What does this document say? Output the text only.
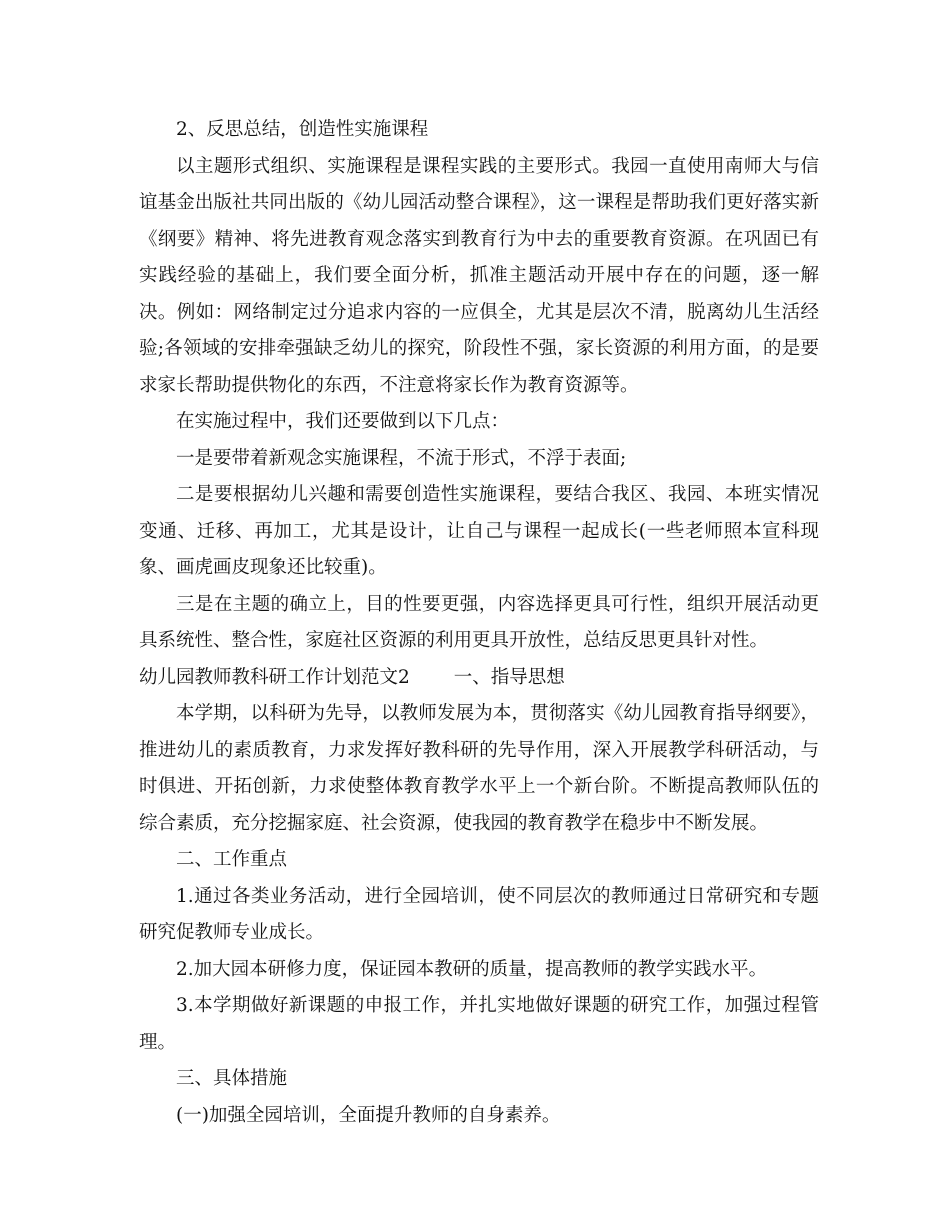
2、反思总结，创造性实施课程

以主题形式组织、实施课程是课程实践的主要形式。我园一直使用南师大与信谊基金出版社共同出版的《幼儿园活动整合课程》，这一课程是帮助我们更好落实新《纲要》精神、将先进教育观念落实到教育行为中去的重要教育资源。在巩固已有实践经验的基础上，我们要全面分析，抓准主题活动开展中存在的问题，逐一解决。例如：网络制定过分追求内容的一应俱全，尤其是层次不清，脱离幼儿生活经验;各领域的安排牵强缺乏幼儿的探究，阶段性不强，家长资源的利用方面，的是要求家长帮助提供物化的东西，不注意将家长作为教育资源等。

在实施过程中，我们还要做到以下几点：

一是要带着新观念实施课程，不流于形式，不浮于表面;

二是要根据幼儿兴趣和需要创造性实施课程，要结合我区、我园、本班实情况变通、迁移、再加工，尤其是设计，让自己与课程一起成长(一些老师照本宣科现象、画虎画皮现象还比较重)。

三是在主题的确立上，目的性要更强，内容选择更具可行性，组织开展活动更具系统性、整合性，家庭社区资源的利用更具开放性，总结反思更具针对性。

幼儿园教师教科研工作计划范文2 一、指导思想

本学期，以科研为先导，以教师发展为本，贯彻落实《幼儿园教育指导纲要》，推进幼儿的素质教育，力求发挥好教科研的先导作用，深入开展教学科研活动，与时俱进、开拓创新，力求使整体教育教学水平上一个新台阶。不断提高教师队伍的综合素质，充分挖掘家庭、社会资源，使我园的教育教学在稳步中不断发展。

二、工作重点

1.通过各类业务活动，进行全园培训，使不同层次的教师通过日常研究和专题研究促教师专业成长。

2.加大园本研修力度，保证园本教研的质量，提高教师的教学实践水平。

3.本学期做好新课题的申报工作，并扎实地做好课题的研究工作，加强过程管理。

三、具体措施

(一)加强全园培训，全面提升教师的自身素养。
